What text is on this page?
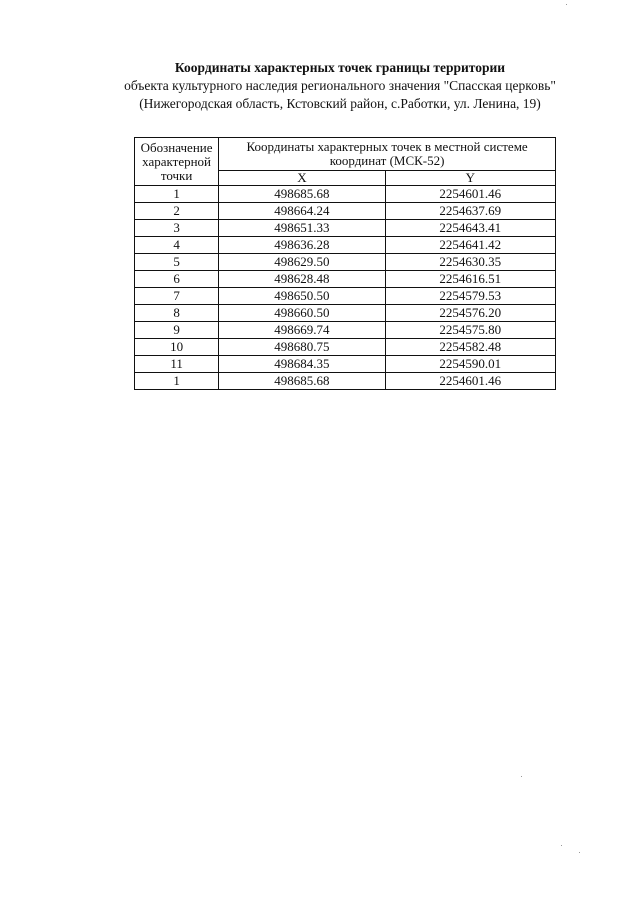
Координаты характерных точек границы территории
объекта культурного наследия регионального значения "Спасская церковь"
(Нижегородская область, Кстовский район, с.Работки, ул. Ленина, 19)
Обозначение характерной точки	Координаты характерных точек в местной системе координат (МСК-52)	
	X	Y
1	498685.68	2254601.46
2	498664.24	2254637.69
3	498651.33	2254643.41
4	498636.28	2254641.42
5	498629.50	2254630.35
6	498628.48	2254616.51
7	498650.50	2254579.53
8	498660.50	2254576.20
9	498669.74	2254575.80
10	498680.75	2254582.48
11	498684.35	2254590.01
1	498685.68	2254601.46
